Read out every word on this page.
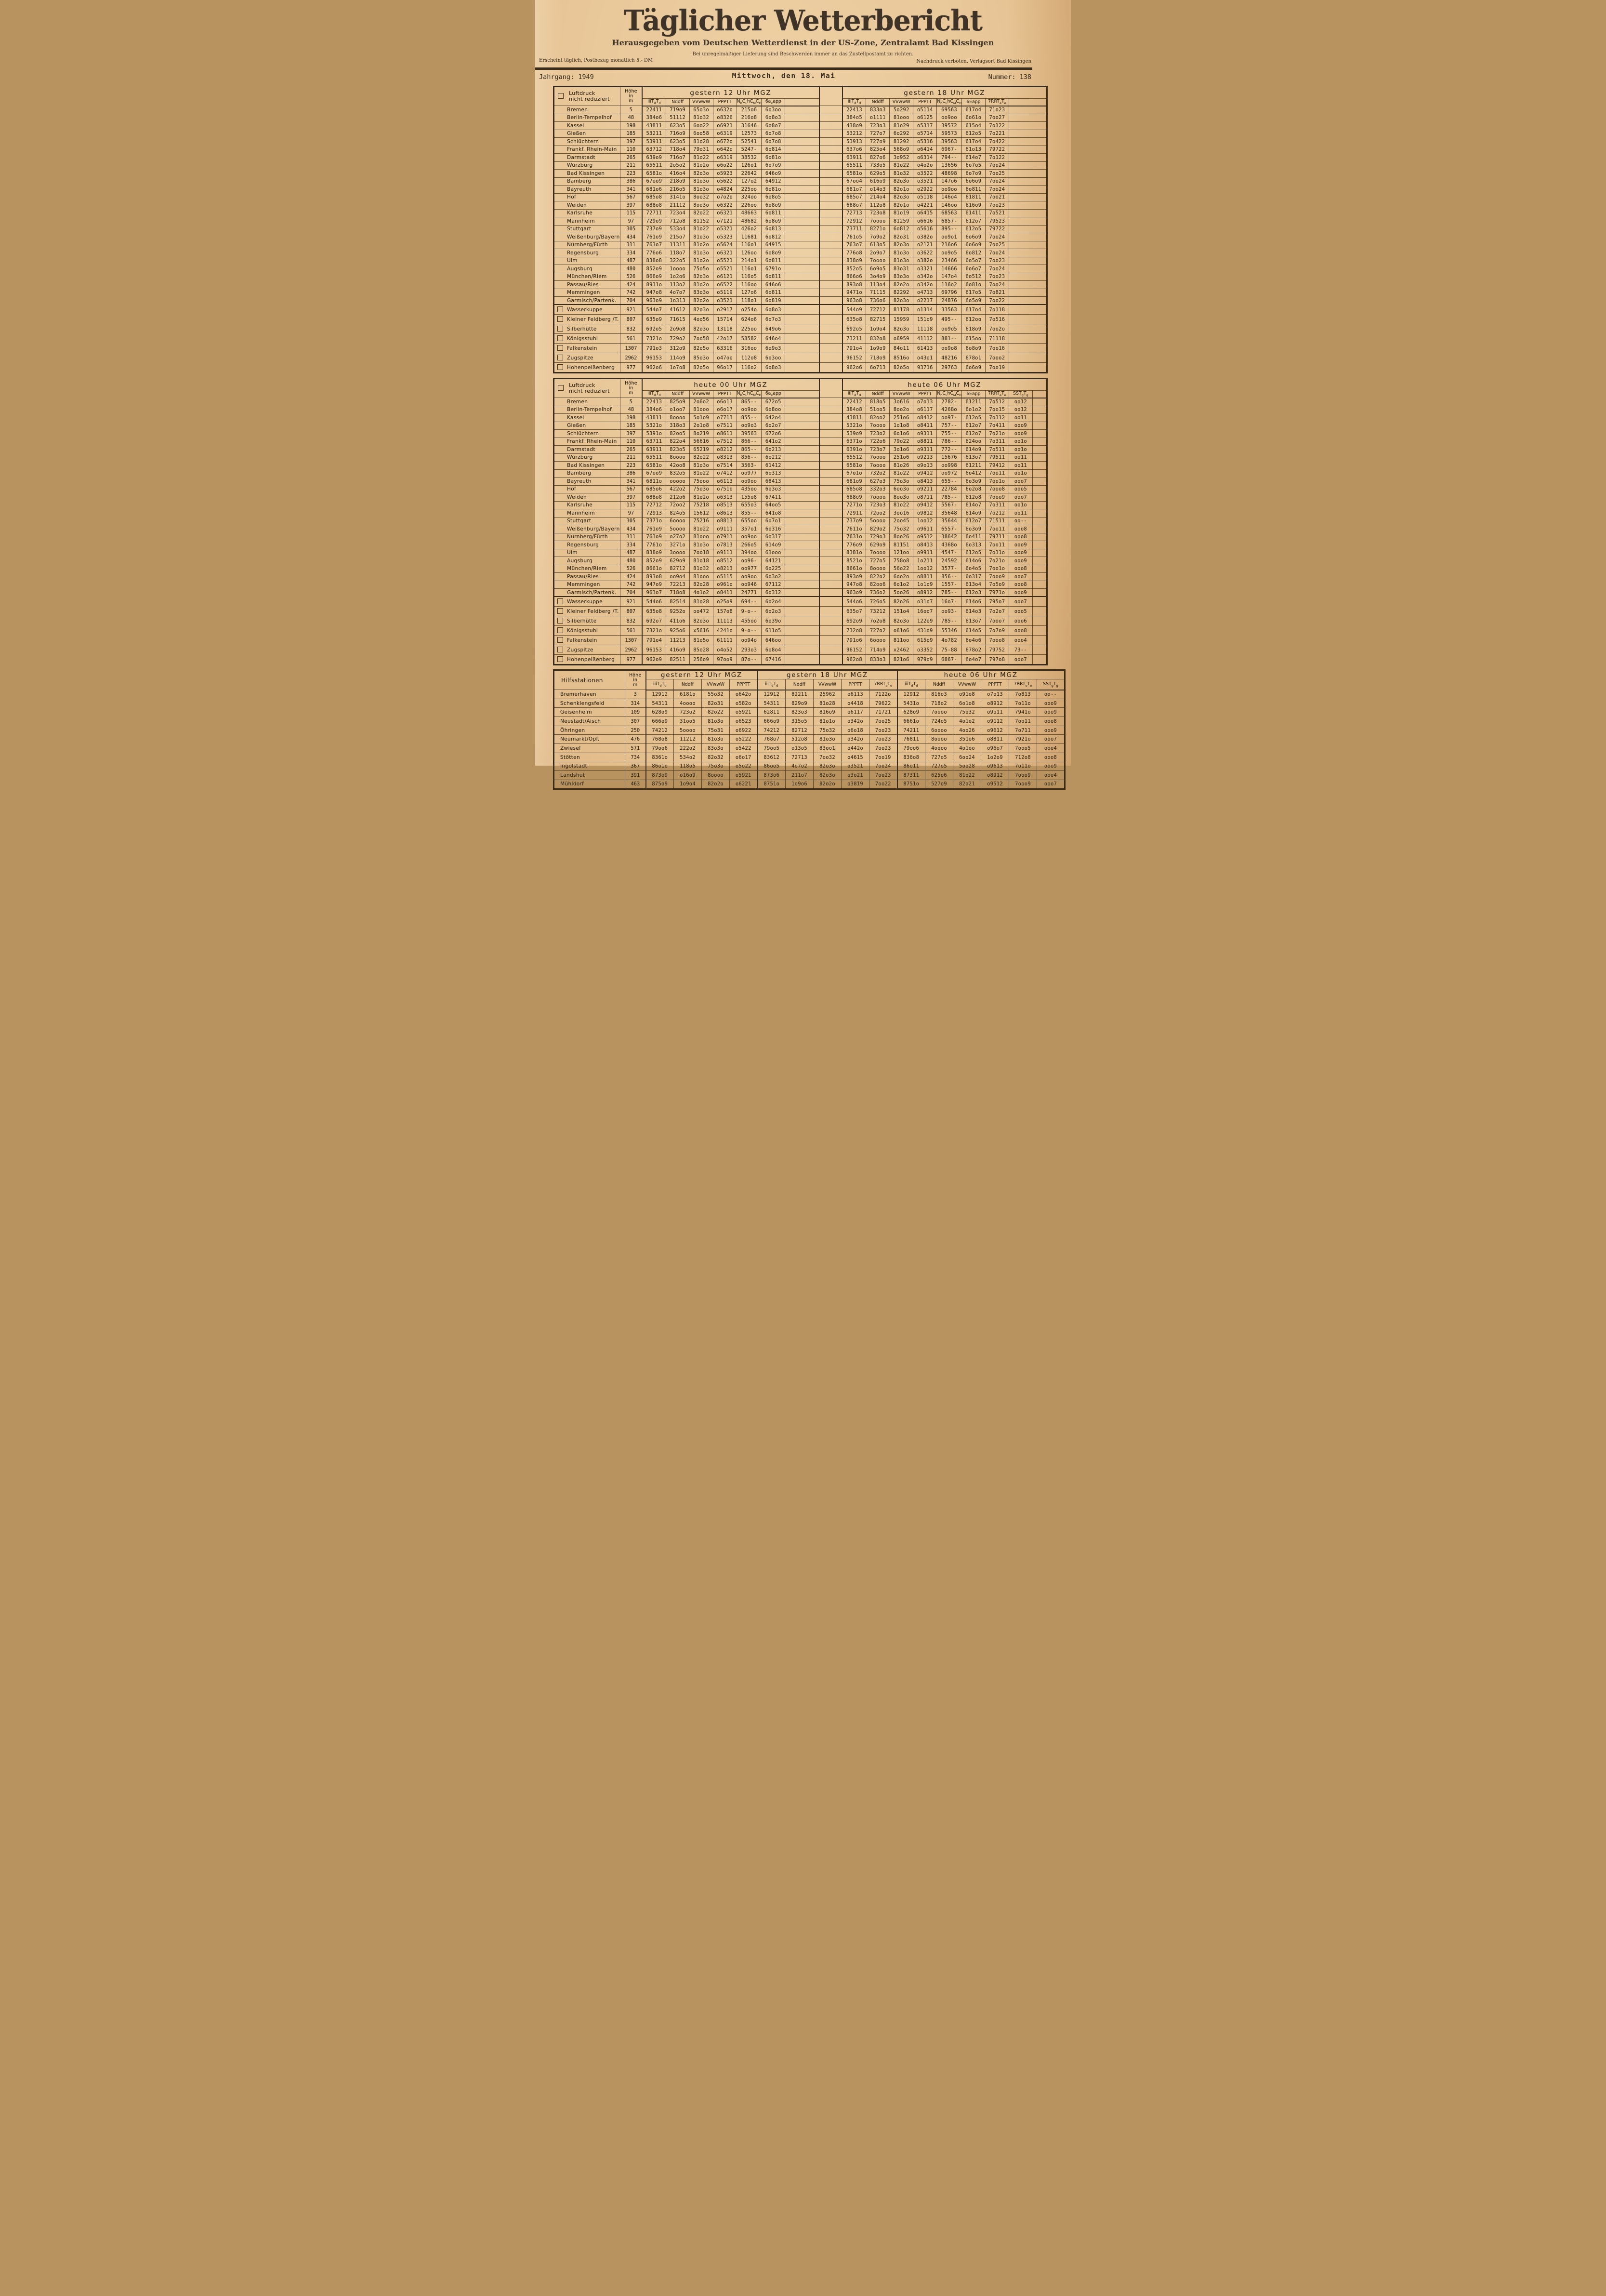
Täglicher Wetterbericht
Herausgegeben vom Deutschen Wetterdienst in der US-Zone, Zentralamt Bad Kissingen
Bei unregelmäßiger Lieferung sind Beschwerden immer an das Zustellpostamt zu richten.
Erscheint täglich, Postbezug monatlich 5.- DM	Nachdruck verboten, Verlagsort Bad Kissingen
Jahrgang: 1949	Mittwoch, den 18. Mai	Nummer: 138
Luftdruck
nicht reduziert

Höhe
in
m
	gestern 12 Uhr MGZ		gestern 18 Uhr MGZ
		$iiiT_dT_d$	Nddff	VVwwW	PPPTT	$N_hC_LhC_MC_H$	$6a_xapp$			$iiiT_dT_d$	Nddff	VVwwW	PPPTT	$N_hC_LhC_MC_H$	6Eapp	$7RRT_eT_e$	

Bremen	5	22411	719o9	65o3o	o632o	215o6	6o3oo			22413	833o3	5o292	o5114	69563	617o4	71o23	

Berlin-Tempelhof	48	384o6	51112	81o32	o8326	216o8	6o8o3			384o5	o1111	81ooo	o6125	oo9oo	6o61o	7oo27	

Kassel	198	43811	623o5	6oo22	o6921	31646	6o8o7			438o9	723o3	81o29	o5317	39572	615o4	7o122	

Gießen	185	53211	716o9	6oo58	o6319	12573	6o7o8			53212	727o7	6o292	o5714	59573	612o5	7o221	

Schlüchtern	397	53911	623o5	81o28	o672o	52541	6o7o8			53913	727o9	81292	o5316	39563	617o4	7o422	

Frankf. Rhein-Main	110	63712	718o4	79o31	o642o	5247-	6o814			637o6	825o4	568o9	o6414	6967-	61o13	79722	

Darmstadt	265	639o9	716o7	81o22	o6319	38532	6o81o			63911	827o6	3o952	o6314	794--	614o7	7o122	

Würzburg	211	65511	2o5o2	81o2o	o6o22	126o1	6o7o9			65511	733o5	81o22	o4o2o	13656	6o7o5	7oo24	

Bad Kissingen	223	6581o	416o4	82o3o	o5923	22642	646o9			6581o	629o5	81o32	o3522	48698	6o7o9	7oo25	

Bamberg	386	67oo9	218o9	81o3o	o5622	127o2	64912			67oo4	616o9	82o3o	o3521	147o6	6o6o9	7oo24	

Bayreuth	341	681o6	216o5	81o3o	o4824	225oo	6o81o			681o7	o14o3	82o1o	o2922	oo9oo	6o811	7oo24	

Hof	567	685o8	3141o	8oo32	o7o2o	324oo	6o8o5			685o7	214o4	82o3o	o5118	146o4	61811	7oo21	

Weiden	397	688o8	21112	8oo3o	o6322	226oo	6o8o9			688o7	112o8	82o1o	o4221	146oo	616o9	7oo23	

Karlsruhe	115	72711	723o4	82o22	o6321	48663	6o811			72713	723o8	81o19	o6415	68563	61411	7o521	

Mannheim	97	729o9	712o8	81152	o7121	48682	6o8o9			72912	7oooo	81259	o6616	6857-	612o7	79523	

Stuttgart	305	737o9	533o4	81o22	o5321	426o2	6o813			73711	8271o	6o812	o5616	895--	612o5	79722	

Weißenburg/Bayern	434	761o9	215o7	81o3o	o5323	11681	6o812			761o5	7o9o2	82o31	o382o	oo9o1	6o6o9	7oo24	

Nürnberg/Fürth	311	763o7	11311	81o2o	o5624	116o1	64915			763o7	613o5	82o3o	o2121	216o6	6o6o9	7oo25	

Regensburg	334	776o6	118o7	81o3o	o6321	126oo	6o8o9			776o8	2o9o7	81o3o	o3622	oo9o5	6o812	7oo24	

Ulm	487	838o8	322o5	81o2o	o5521	214o1	6o811			838o9	7oooo	81o3o	o382o	23466	6o5o7	7oo23	

Augsburg	480	852o9	1oooo	75o5o	o5521	116o1	6791o			852o5	6o9o5	83o31	o3321	14666	6o6o7	7oo24	

München/Riem	526	866o9	1o2o6	82o3o	o6121	116o5	6o811			866o6	3o4o9	83o3o	o342o	147o4	6o512	7oo23	

Passau/Ries	424	8931o	113o2	81o2o	o6522	116oo	646o6			893o8	113o4	82o2o	o342o	116o2	6o81o	7oo24	

Memmingen	742	947o8	4o7o7	83o3o	o5119	127o6	6o811			9471o	71115	82292	o4713	69796	617o5	7o821	

Garmisch/Partenk.	704	963o9	1o313	82o2o	o3521	118o1	6o819			963o8	736o6	82o3o	o2217	24876	6o5o9	7oo22	

Wasserkuppe	921	544o7	41612	82o3o	o2917	o254o	6o8o3			544o9	72712	81178	o1314	33563	617o4	7o118	

Kleiner Feldberg /T.	807	635o9	71615	4oo56	15714	624o6	6o7o3			635o8	82715	15959	151o9	495--	612oo	7o516	

Silberhütte	832	692o5	2o9o8	82o3o	13118	225oo	649o6			692o5	1o9o4	82o3o	11118	oo9o5	618o9	7oo2o	

Königsstuhl	561	7321o	729o2	7oo58	42o17	58582	646o4			73211	832o8	o6959	41112	881--	615oo	71118	

Falkenstein	1307	791o3	312o9	82o5o	63316	316oo	6o9o3			791o4	1o9o9	84o11	61413	oo9o8	6o8o9	7oo16	

Zugspitze	2962	96153	114o9	85o3o	o47oo	112o8	6o3oo			96152	718o9	8516o	o43o1	48216	678o1	7ooo2	

Hohenpeißenberg	977	962o6	1o7o8	82o5o	96o17	116o2	6o8o3			962o6	6o713	82o5o	93716	29763	6o6o9	7oo19	
Luftdruck
nicht reduziert

Höhe
in
m
	heute 00 Uhr MGZ		heute 06 Uhr MGZ
		$iiiT_dT_d$	Nddff	VVwwW	PPPTT	$N_hC_LhC_MC_H$	$6a_xapp$			$iiiT_dT_d$	Nddff	VVwwW	PPPTT	$N_hC_LhC_MC_H$	6Eapp	$7RRT_eT_e$	$SST_gT_g$	

Bremen	5	22413	825o9	2o6o2	o6o13	865--	672o5			22412	818o5	3o616	o7o13	2782-	61211	7o512	oo12	

Berlin-Tempelhof	48	384o6	o1oo7	81ooo	o6o17	oo9oo	6o8oo			384o8	51oo5	8oo2o	o6117	4268o	6o1o2	7oo15	oo12	

Kassel	198	43811	8oooo	5o1o9	o7713	855--	642o4			43811	82oo2	251o6	o8412	oo97-	612o5	7o312	oo11	

Gießen	185	5321o	318o3	2o1o8	o7511	oo9o3	6o2o7			5321o	7oooo	1o1o8	o8411	757--	612o7	7o411	ooo9	

Schlüchtern	397	5391o	82oo5	8o219	o8611	39563	672o6			539o9	723o2	6o1o6	o9311	755--	612o7	7o21o	ooo9	

Frankf. Rhein-Main	110	63711	822o4	56616	o7512	866--	641o2			6371o	722o6	79o22	o8811	786--	624oo	7o311	oo1o	

Darmstadt	265	63911	823o5	65219	o8212	865--	6o213			6391o	723o7	3o1o6	o9311	772--	614o9	7o511	oo1o	

Würzburg	211	65511	8oooo	82o22	o8313	856--	6o212			65512	7oooo	251o6	o9213	15676	613o7	79511	oo11	

Bad Kissingen	223	6581o	42oo8	81o3o	o7514	3563-	61412			6581o	7oooo	81o26	o9o13	oo998	61211	79412	oo11	

Bamberg	386	67oo9	832o5	81o22	o7412	oo977	6o313			67o1o	732o2	81o22	o9412	oo972	6o412	7oo11	oo1o	

Bayreuth	341	6811o	ooooo	75ooo	o6113	oo9oo	68413			681o9	627o3	75o3o	o8413	655--	6o3o9	7oo1o	ooo7	

Hof	567	685o6	422o2	75o3o	o751o	435oo	6o3o3			685o8	332o3	6oo3o	o9211	22784	6o2o8	7ooo8	ooo5	

Weiden	397	688o8	212o6	81o2o	o6313	155o8	67411			688o9	7oooo	8oo3o	o8711	785--	612o8	7ooo9	ooo7	

Karlsruhe	115	72712	72oo2	75218	o8513	655o3	64oo5			7271o	723o3	81o22	o9412	5567-	614o7	7o311	oo1o	

Mannheim	97	72913	824o5	15612	o8613	855--	641o8			72911	72oo2	3oo16	o9812	35648	614o9	7o212	oo11	

Stuttgart	305	7371o	6oooo	75216	o8813	655oo	6o7o1			737o9	5oooo	2oo45	1oo12	35644	612o7	71511	oo--	

Weißenburg/Bayern	434	761o9	5oooo	81o22	o9111	357o1	6o316			7611o	829o2	75o32	o9611	6557-	6o3o9	7oo11	ooo8	

Nürnberg/Fürth	311	763o9	o27o2	81ooo	o7911	oo9oo	6o317			7631o	729o3	8oo26	o9512	38642	6o411	79711	ooo8	

Regensburg	334	7761o	3271o	81o3o	o7813	266o5	614o9			776o9	629o9	81151	o8413	4368o	6o313	7oo11	ooo9	

Ulm	487	838o9	3oooo	7oo18	o9111	394oo	61ooo			8381o	7oooo	121oo	o9911	4547-	612o5	7o31o	ooo9	

Augsburg	480	852o9	629o9	81o18	o8512	oo96-	64121			8521o	727o5	758o8	1o211	24592	614o6	7o21o	ooo9	

München/Riem	526	8661o	82712	81o32	o8213	oo977	6o225			8661o	8oooo	56o22	1oo12	3577-	6o4o5	7oo1o	ooo8	

Passau/Ries	424	893o8	oo9o4	81ooo	o5115	oo9oo	6o3o2			893o9	822o2	6oo2o	o8811	856--	6o317	7ooo9	ooo7	

Memmingen	742	947o9	72213	82o28	o961o	oo946	67112			947o8	82oo6	6o1o2	1o1o9	1557-	613o4	7o5o9	ooo8	

Garmisch/Partenk.	704	963o7	718o8	4o1o2	o8411	24771	6o312			963o9	736o2	5oo26	o8912	785--	612o3	7971o	ooo9	

Wasserkuppe	921	544o6	82514	81o28	o25o9	694--	6o2o4			544o6	726o5	82o26	o31o7	16o7-	614o6	795o7	ooo7	

Kleiner Feldberg /T.	807	635o8	9252o	oo472	157o8	9-o--	6o2o3			635o7	73212	151o4	16oo7	oo93-	614o3	7o2o7	ooo5	

Silberhütte	832	692o7	411o6	82o3o	11113	455oo	6o39o			692o9	7o2o8	82o3o	122o9	785--	613o7	7ooo7	ooo6	

Königsstuhl	561	7321o	925o6	x5616	4241o	9-o--	611o5			732o8	727o2	o61o6	431o9	55346	614o5	7o7o9	ooo8	

Falkenstein	1307	791o4	11213	81o5o	61111	oo94o	646oo			791o6	6oooo	811oo	615o9	4o782	6o4o6	7ooo8	ooo4	

Zugspitze	2962	96153	416o9	85o28	o4o52	293o3	6o8o4			96152	714o9	x2462	o3352	75-88	678o2	79752	73--	

Hohenpeißenberg	977	962o9	82511	256o9	97oo9	87o--	67416			962o8	833o3	821o6	979o9	6867-	6o4o7	797o8	ooo7	
Hilfsstationen	Höhe
in
m	gestern 12 Uhr MGZ				gestern 18 Uhr MGZ					heute 06 Uhr MGZ					
		$iiiT_dT_d$	Nddff	VVwwW	PPPTT	$iiiT_dT_d$	Nddff	VVwwW	PPPTT	$7RRT_eT_e$	$iiiT_dT_d$	Nddff	VVwwW	PPPTT	$7RRT_eT_e$	$SST_gT_g$

Bremerhaven	3	12912	6181o	55o32	o642o	12912	82211	25962	o6113	7122o	12912	816o3	o91o8	o7o13	7o813	oo--

Schenklengsfeld	314	54311	4oooo	82o31	o582o	54311	829o9	81o28	o4418	79622	5431o	718o2	6o1o8	o8912	7o11o	ooo9

Geisenheim	109	628o9	723o2	82o22	o5921	62811	823o3	816o9	o6117	71721	628o9	7oooo	75o32	o9o11	7941o	ooo9

Neustadt/Aisch	307	666o9	31oo5	81o3o	o6523	666o9	315o5	81o1o	o342o	7oo25	6661o	724o5	4o1o2	o9112	7oo11	ooo8

Öhringen	250	74212	5oooo	75o31	o6922	74212	82712	75o32	o6o18	7oo23	74211	6oooo	4oo26	o9612	7o711	ooo9

Neumarkt/Opf.	476	768o8	11212	81o3o	o5222	768o7	512o8	81o3o	o342o	7oo23	76811	8oooo	351o6	o8811	7921o	ooo7

Zwiesel	571	79oo6	222o2	83o3o	o5422	79oo5	o13o5	83oo1	o442o	7oo23	79oo6	4oooo	4o1oo	o96o7	7ooo5	ooo4

Stötten	734	8361o	534o2	82o32	o6o17	83612	72713	7oo32	o4615	7oo19	836o8	727o5	6oo24	1o2o9	712o8	ooo8

Ingolstadt	367	86o1o	118o5	75o3o	o5o22	86oo5	4o7o2	82o3o	o3521	7oo24	86o11	727o5	5oo28	o9613	7o11o	ooo9

Landshut	391	873o9	o16o9	8oooo	o5921	873o6	211o7	82o3o	o3o21	7oo23	87311	625o6	81o22	o8912	7ooo9	ooo4

Mühldorf	463	875o9	1o9o4	82o2o	o6221	8751o	1o9o6	82o2o	o3819	7oo22	8751o	527o9	82o21	o9512	7ooo9	ooo7
